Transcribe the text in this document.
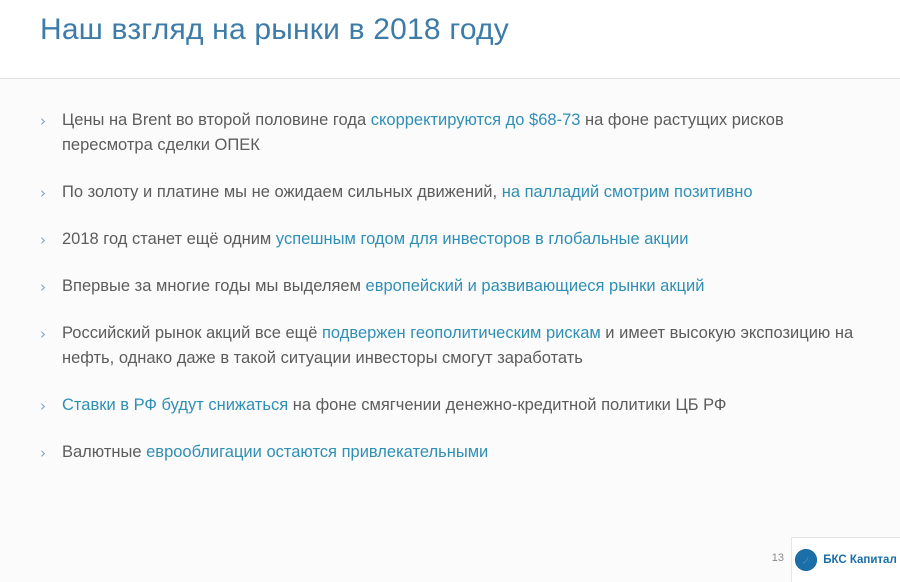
Наш взгляд на рынки в 2018 году
› Цены на Brent во второй половине года скорректируются до $68-73 на фоне растущих рисков пересмотра сделки ОПЕК
› По золоту и платине мы не ожидаем сильных движений, на палладий смотрим позитивно
› 2018 год станет ещё одним успешным годом для инвесторов в глобальные акции
› Впервые за многие годы мы выделяем европейский и развивающиеся рынки акций
› Российский рынок акций все ещё подвержен геополитическим рискам и имеет высокую экспозицию на нефть, однако даже в такой ситуации инвесторы смогут заработать
› Ставки в РФ будут снижаться на фоне смягчении денежно-кредитной политики ЦБ РФ
› Валютные еврооблигации остаются привлекательными
13	БКС Капитал
